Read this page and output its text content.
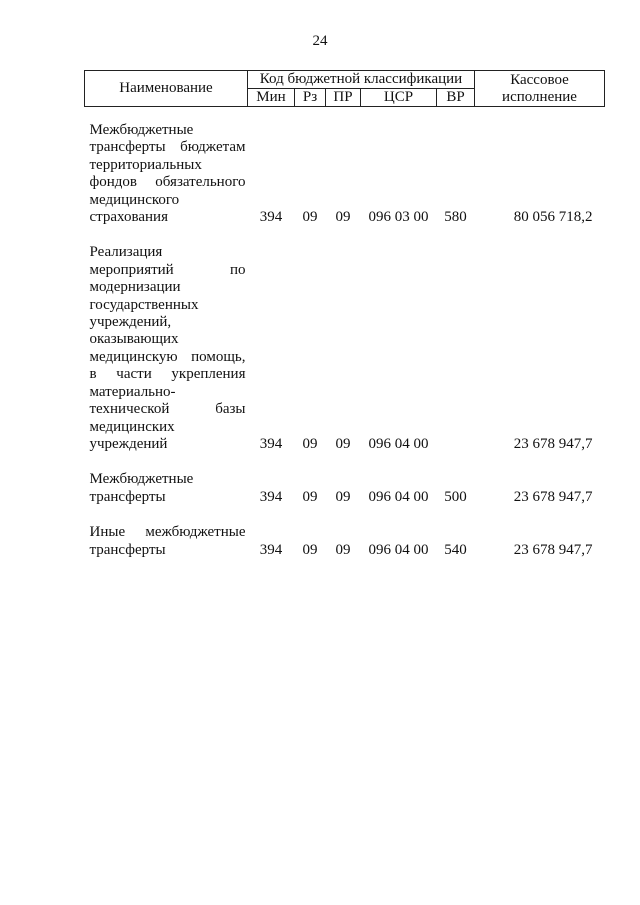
24
Наименование	Код бюджетной классификации					Кассовое
исполнение
	Мин	Рз	ПР	ЦСР	ВР	

Межбюджетные трансферты бюджетам территориальных фондов обязательного медицинского страхования	394	09	09	096 03 00	580	80 056 718,2

Реализация мероприятий по модернизации государственных учреждений, оказывающих медицинскую помощь, в части укрепления материально-технической базы медицинских учреждений	394	09	09	096 04 00		23 678 947,7

Межбюджетные трансферты	394	09	09	096 04 00	500	23 678 947,7

Иные межбюджетные трансферты	394	09	09	096 04 00	540	23 678 947,7
